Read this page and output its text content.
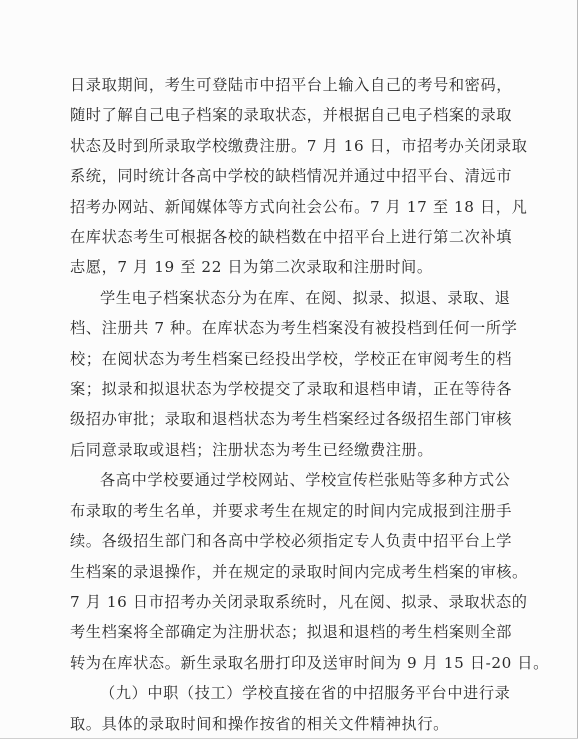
日录取期间，考生可登陆市中招平台上输入自己的考号和密码，
随时了解自己电子档案的录取状态，并根据自己电子档案的录取
状态及时到所录取学校缴费注册。7 月 16 日，市招考办关闭录取
系统，同时统计各高中学校的缺档情况并通过中招平台、清远市
招考办网站、新闻媒体等方式向社会公布。7 月 17 至 18 日，凡
在库状态考生可根据各校的缺档数在中招平台上进行第二次补填
志愿，7 月 19 至 22 日为第二次录取和注册时间。

学生电子档案状态分为在库、在阅、拟录、拟退、录取、退
档、注册共 7 种。在库状态为考生档案没有被投档到任何一所学
校；在阅状态为考生档案已经投出学校，学校正在审阅考生的档
案；拟录和拟退状态为学校提交了录取和退档申请，正在等待各
级招办审批；录取和退档状态为考生档案经过各级招生部门审核
后同意录取或退档；注册状态为考生已经缴费注册。

各高中学校要通过学校网站、学校宣传栏张贴等多种方式公
布录取的考生名单，并要求考生在规定的时间内完成报到注册手
续。各级招生部门和各高中学校必须指定专人负责中招平台上学
生档案的录退操作，并在规定的录取时间内完成考生档案的审核。
7 月 16 日市招考办关闭录取系统时，凡在阅、拟录、录取状态的
考生档案将全部确定为注册状态；拟退和退档的考生档案则全部
转为在库状态。新生录取名册打印及送审时间为 9 月 15 日-20 日。

（九）中职（技工）学校直接在省的中招服务平台中进行录
取。具体的录取时间和操作按省的相关文件精神执行。
